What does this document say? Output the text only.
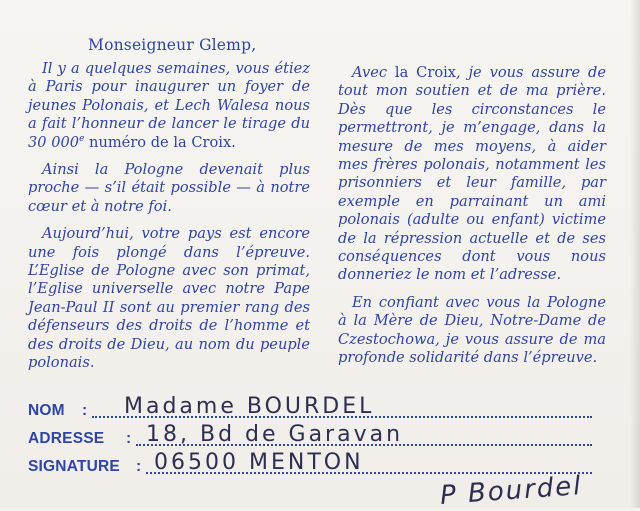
Monseigneur Glemp,

Il y a quelques semaines, vous étiez à Paris pour inaugurer un foyer de jeunes Polonais, et Lech Walesa nous a fait l’honneur de lancer le tirage du 30 000e numéro de la Croix.

Ainsi la Pologne devenait plus proche — s’il était possible — à notre cœur et à notre foi.

Aujourd’hui, votre pays est encore une fois plongé dans l’épreuve. L’Eglise de Pologne avec son primat, l’Eglise universelle avec notre Pape Jean-Paul II sont au premier rang des défenseurs des droits de l’homme et des droits de Dieu, au nom du peuple polonais.

Avec la Croix, je vous assure de tout mon soutien et de ma prière. Dès que les circonstances le permettront, je m’engage, dans la mesure de mes moyens, à aider mes frères polonais, notamment les prisonniers et leur famille, par exemple en parrainant un ami polonais (adulte ou enfant) victime de la répression actuelle et de ses conséquences dont vous nous donneriez le nom et l’adresse.

En confiant avec vous la Pologne à la Mère de Dieu, Notre-Dame de Czestochowa, je vous assure de ma profonde solidarité dans l’épreuve.

NOM : Madame BOURDEL
ADRESSE : 18, Bd de Garavan
SIGNATURE : 06500 MENTON
P Bourdel
